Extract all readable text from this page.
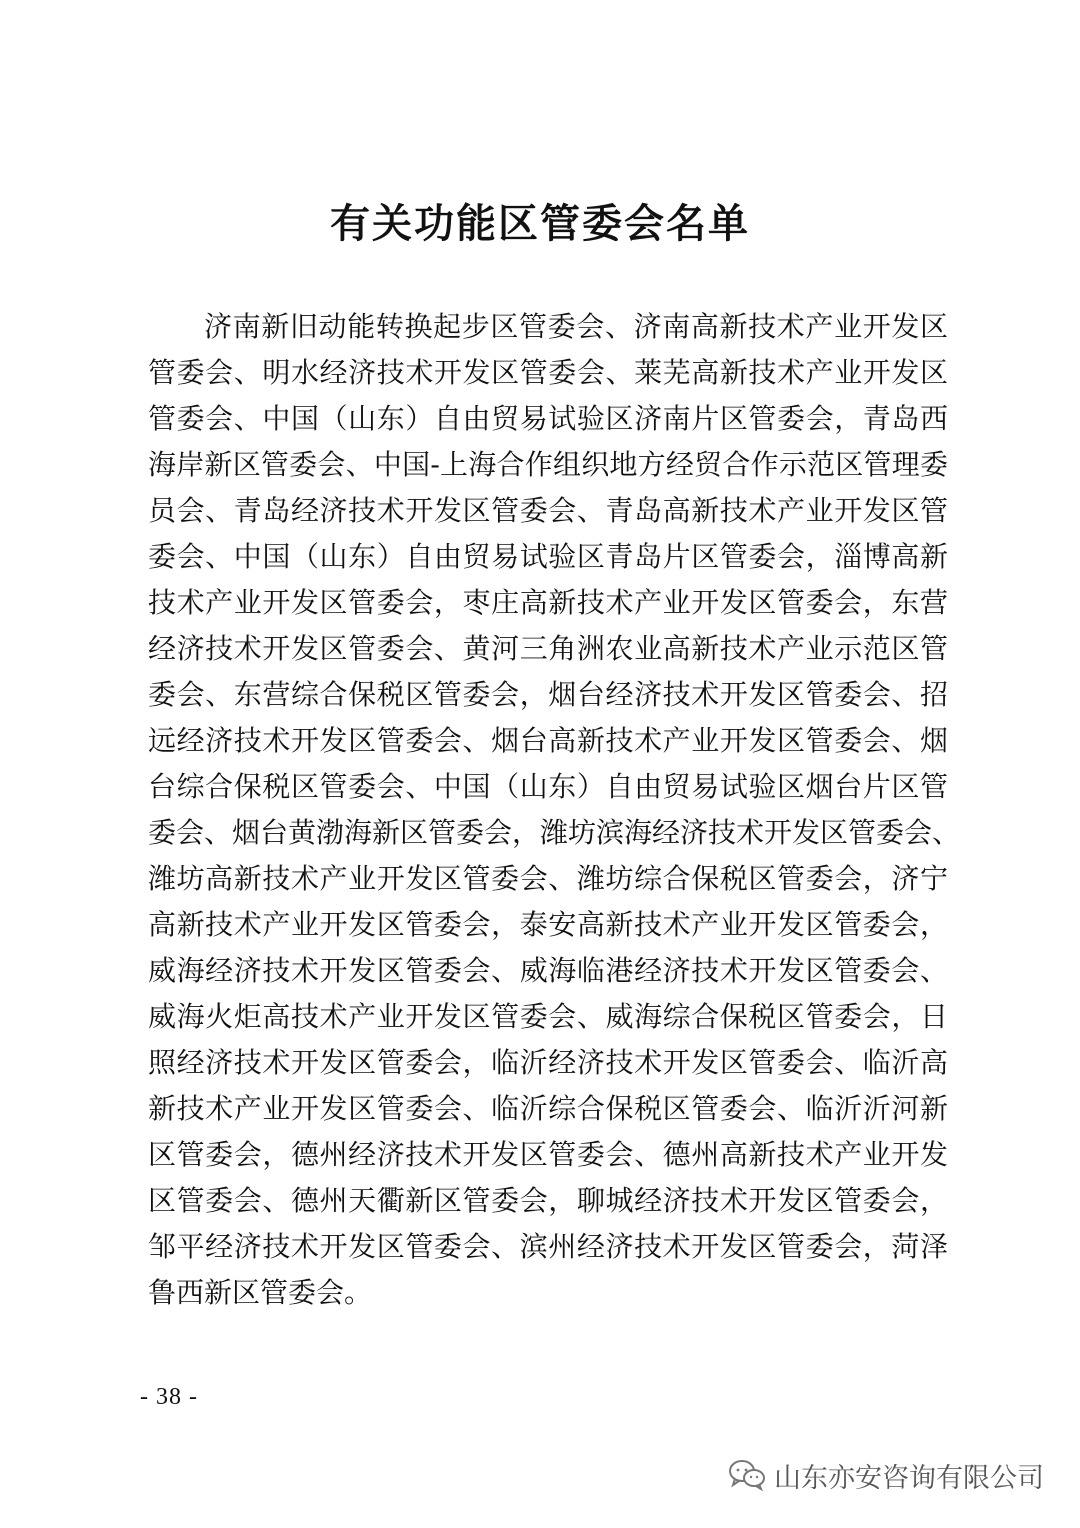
有关功能区管委会名单
济南新旧动能转换起步区管委会、济南高新技术产业开发区
管委会、明水经济技术开发区管委会、莱芜高新技术产业开发区
管委会、中国（山东）自由贸易试验区济南片区管委会，青岛西
海岸新区管委会、中国-上海合作组织地方经贸合作示范区管理委
员会、青岛经济技术开发区管委会、青岛高新技术产业开发区管
委会、中国（山东）自由贸易试验区青岛片区管委会，淄博高新
技术产业开发区管委会，枣庄高新技术产业开发区管委会，东营
经济技术开发区管委会、黄河三角洲农业高新技术产业示范区管
委会、东营综合保税区管委会，烟台经济技术开发区管委会、招
远经济技术开发区管委会、烟台高新技术产业开发区管委会、烟
台综合保税区管委会、中国（山东）自由贸易试验区烟台片区管
委会、烟台黄渤海新区管委会，潍坊滨海经济技术开发区管委会、
潍坊高新技术产业开发区管委会、潍坊综合保税区管委会，济宁
高新技术产业开发区管委会，泰安高新技术产业开发区管委会，
威海经济技术开发区管委会、威海临港经济技术开发区管委会、
威海火炬高技术产业开发区管委会、威海综合保税区管委会，日
照经济技术开发区管委会，临沂经济技术开发区管委会、临沂高
新技术产业开发区管委会、临沂综合保税区管委会、临沂沂河新
区管委会，德州经济技术开发区管委会、德州高新技术产业开发
区管委会、德州天衢新区管委会，聊城经济技术开发区管委会，
邹平经济技术开发区管委会、滨州经济技术开发区管委会，菏泽
鲁西新区管委会。
- 38 -
山东亦安咨询有限公司
